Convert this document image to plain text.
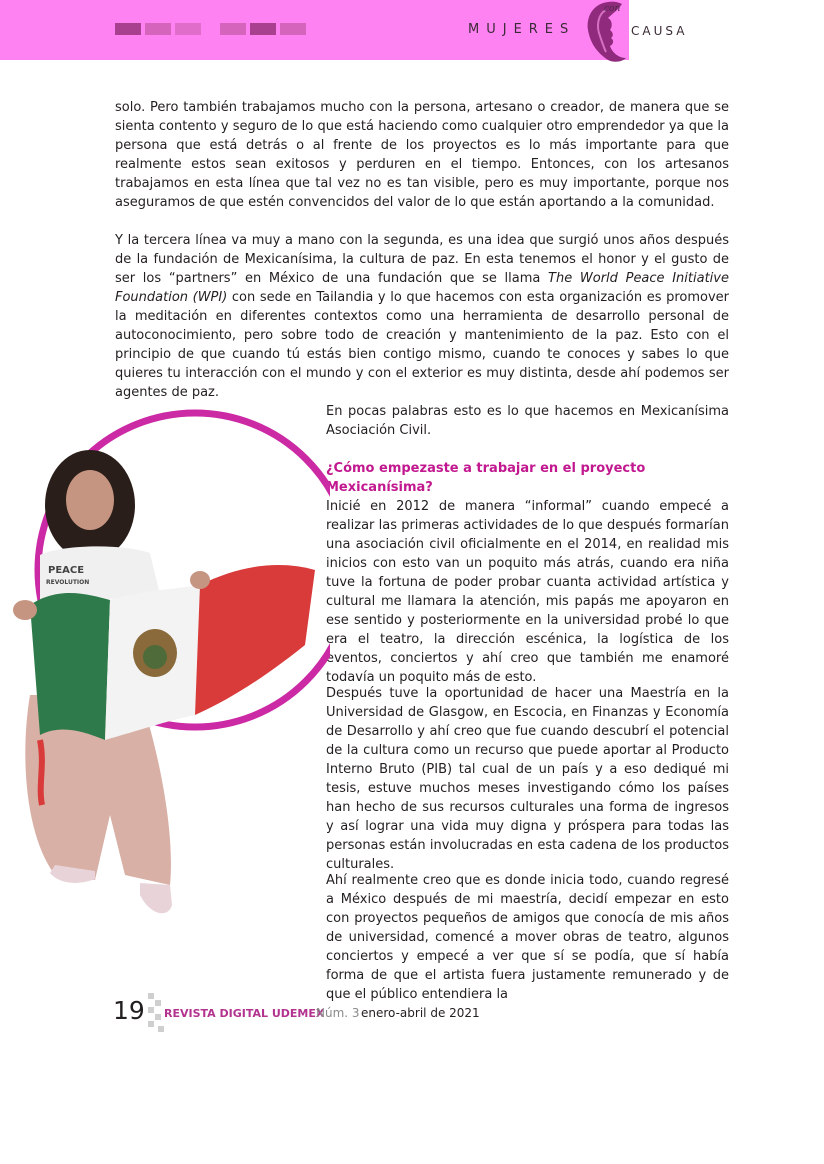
MUJERES
con
CAUSA

solo. Pero también trabajamos mucho con la persona, artesano o creador, de manera que se sienta contento y seguro de lo que está haciendo como cualquier otro emprendedor ya que la persona que está detrás o al frente de los proyectos es lo más importante para que realmente estos sean exitosos y perduren en el tiempo. Entonces, con los artesanos trabajamos en esta línea que tal vez no es tan visible, pero es muy importante, porque nos aseguramos de que estén convencidos del valor de lo que están aportando a la comunidad.

Y la tercera línea va muy a mano con la segunda, es una idea que surgió unos años después de la fundación de Mexicanísima, la cultura de paz. En esta tenemos el honor y el gusto de ser los “partners” en México de una fundación que se llama The World Peace Initiative Foundation (WPI) con sede en Tailandia y lo que hacemos con esta organización es promover la meditación en diferentes contextos como una herramienta de desarrollo personal de autoconocimiento, pero sobre todo de creación y mantenimiento de la paz. Esto con el principio de que cuando tú estás bien contigo mismo, cuando te conoces y sabes lo que quieres tu interacción con el mundo y con el exterior es muy distinta, desde ahí podemos ser agentes de paz.

En pocas palabras esto es lo que hacemos en Mexicanísima Asociación Civil.

¿Cómo empezaste a trabajar en el proyecto Mexicanísima?

Inicié en 2012 de manera “informal” cuando empecé a realizar las primeras actividades de lo que después formarían una asociación civil oficialmente en el 2014, en realidad mis inicios con esto van un poquito más atrás, cuando era niña tuve la fortuna de poder probar cuanta actividad artística y cultural me llamara la atención, mis papás me apoyaron en ese sentido y posteriormente en la universidad probé lo que era el teatro, la dirección escénica, la logística de los eventos, conciertos y ahí creo que también me enamoré todavía un poquito más de esto.

Después tuve la oportunidad de hacer una Maestría en la Universidad de Glasgow, en Escocia, en Finanzas y Economía de Desarrollo y ahí creo que fue cuando descubrí el potencial de la cultura como un recurso que puede aportar al Producto Interno Bruto (PIB) tal cual de un país y a eso dediqué mi tesis, estuve muchos meses investigando cómo los países han hecho de sus recursos culturales una forma de ingresos y así lograr una vida muy digna y próspera para todas las personas están involucradas en esta cadena de los productos culturales.

Ahí realmente creo que es donde inicia todo, cuando regresé a México después de mi maestría, decidí empezar en esto con proyectos pequeños de amigos que conocía de mis años de universidad, comencé a mover obras de teatro, algunos conciertos y empecé a ver que sí se podía, que sí había forma de que el artista fuera justamente remunerado y de que el público entendiera la

PEACE
REVOLUTION
19 REVISTA DIGITAL UDEMEX
Núm. 3 enero-abril de 2021
